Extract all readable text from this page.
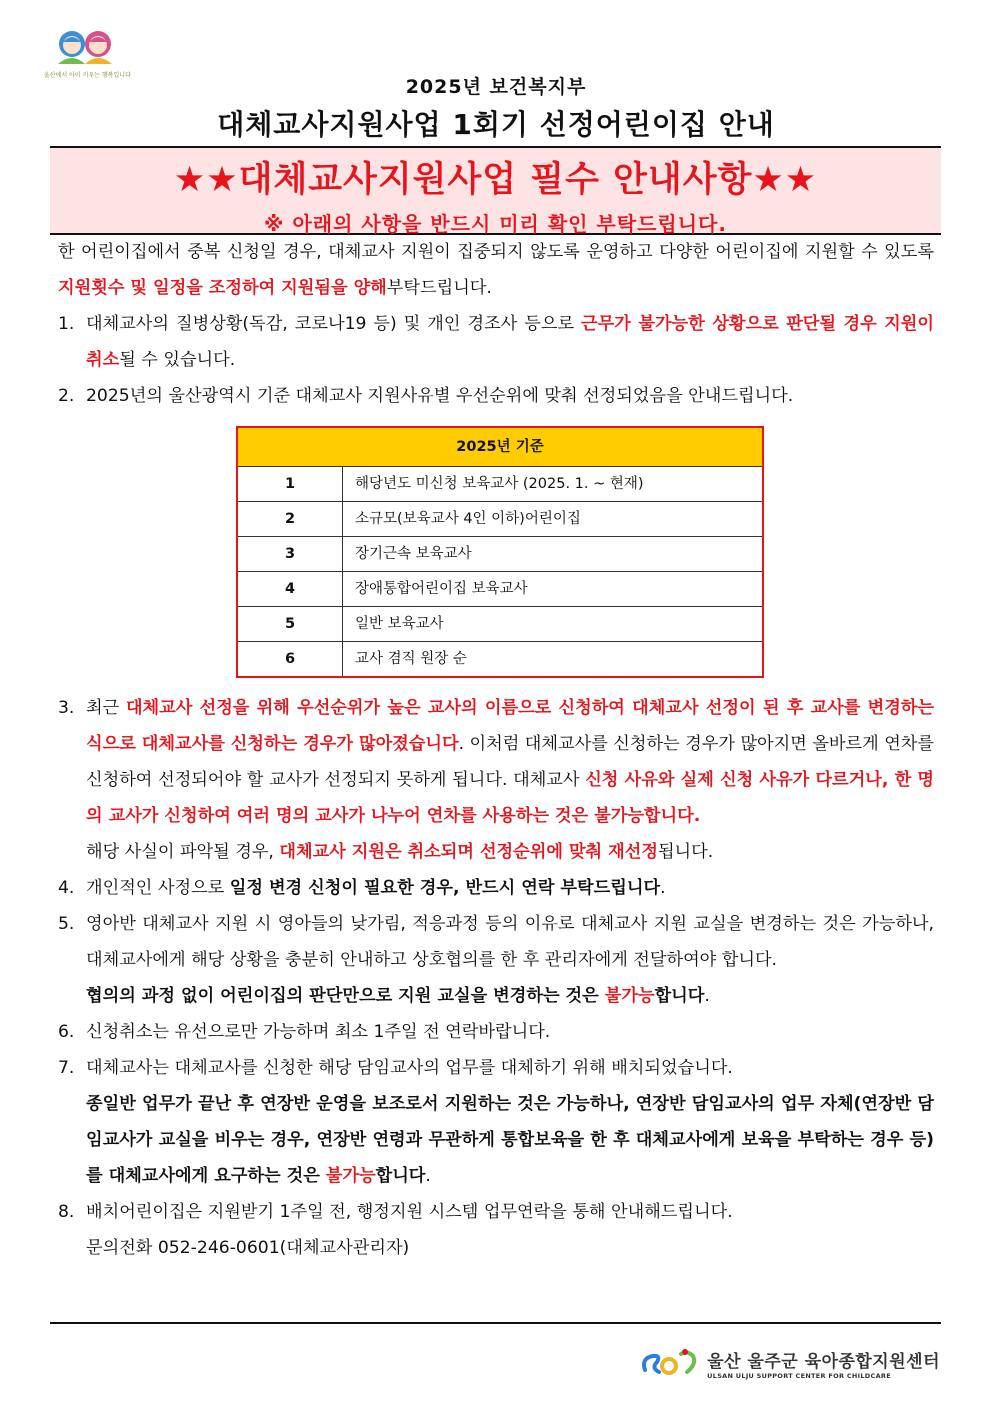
울산에서 아이 키우는 행복입니다
2025년 보건복지부
대체교사지원사업 1회기 선정어린이집 안내
★★대체교사지원사업 필수 안내사항★★
※ 아래의 사항을 반드시 미리 확인 부탁드립니다.
한 어린이집에서 중복 신청일 경우, 대체교사 지원이 집중되지 않도록 운영하고 다양한 어린이집에 지원할 수 있도록 지원횟수 및 일정을 조정하여 지원됨을 양해부탁드립니다.
1. 대체교사의 질병상황(독감, 코로나19 등) 및 개인 경조사 등으로 근무가 불가능한 상황으로 판단될 경우 지원이 취소될 수 있습니다.
2. 2025년의 울산광역시 기준 대체교사 지원사유별 우선순위에 맞춰 선정되었음을 안내드립니다.
2025년 기준	
1	해당년도 미신청 보육교사 (2025. 1. ~ 현재)
2	소규모(보육교사 4인 이하)어린이집
3	장기근속 보육교사
4	장애통합어린이집 보육교사
5	일반 보육교사
6	교사 겸직 원장 순
3. 최근 대체교사 선정을 위해 우선순위가 높은 교사의 이름으로 신청하여 대체교사 선정이 된 후 교사를 변경하는 식으로 대체교사를 신청하는 경우가 많아졌습니다. 이처럼 대체교사를 신청하는 경우가 많아지면 올바르게 연차를 신청하여 선정되어야 할 교사가 선정되지 못하게 됩니다. 대체교사 신청 사유와 실제 신청 사유가 다르거나, 한 명의 교사가 신청하여 여러 명의 교사가 나누어 연차를 사용하는 것은 불가능합니다.
해당 사실이 파악될 경우, 대체교사 지원은 취소되며 선정순위에 맞춰 재선정됩니다.
4. 개인적인 사정으로 일정 변경 신청이 필요한 경우, 반드시 연락 부탁드립니다.
5. 영아반 대체교사 지원 시 영아들의 낮가림, 적응과정 등의 이유로 대체교사 지원 교실을 변경하는 것은 가능하나, 대체교사에게 해당 상황을 충분히 안내하고 상호협의를 한 후 관리자에게 전달하여야 합니다.
협의의 과정 없이 어린이집의 판단만으로 지원 교실을 변경하는 것은 불가능합니다.
6. 신청취소는 유선으로만 가능하며 최소 1주일 전 연락바랍니다.
7. 대체교사는 대체교사를 신청한 해당 담임교사의 업무를 대체하기 위해 배치되었습니다.
종일반 업무가 끝난 후 연장반 운영을 보조로서 지원하는 것은 가능하나, 연장반 담임교사의 업무 자체(연장반 담임교사가 교실을 비우는 경우, 연장반 연령과 무관하게 통합보육을 한 후 대체교사에게 보육을 부탁하는 경우 등)를 대체교사에게 요구하는 것은 불가능합니다.
8. 배치어린이집은 지원받기 1주일 전, 행정지원 시스템 업무연락을 통해 안내해드립니다.
문의전화 052-246-0601(대체교사관리자)
울산 울주군 육아종합지원센터
ULSAN ULJU SUPPORT CENTER FOR CHILDCARE
